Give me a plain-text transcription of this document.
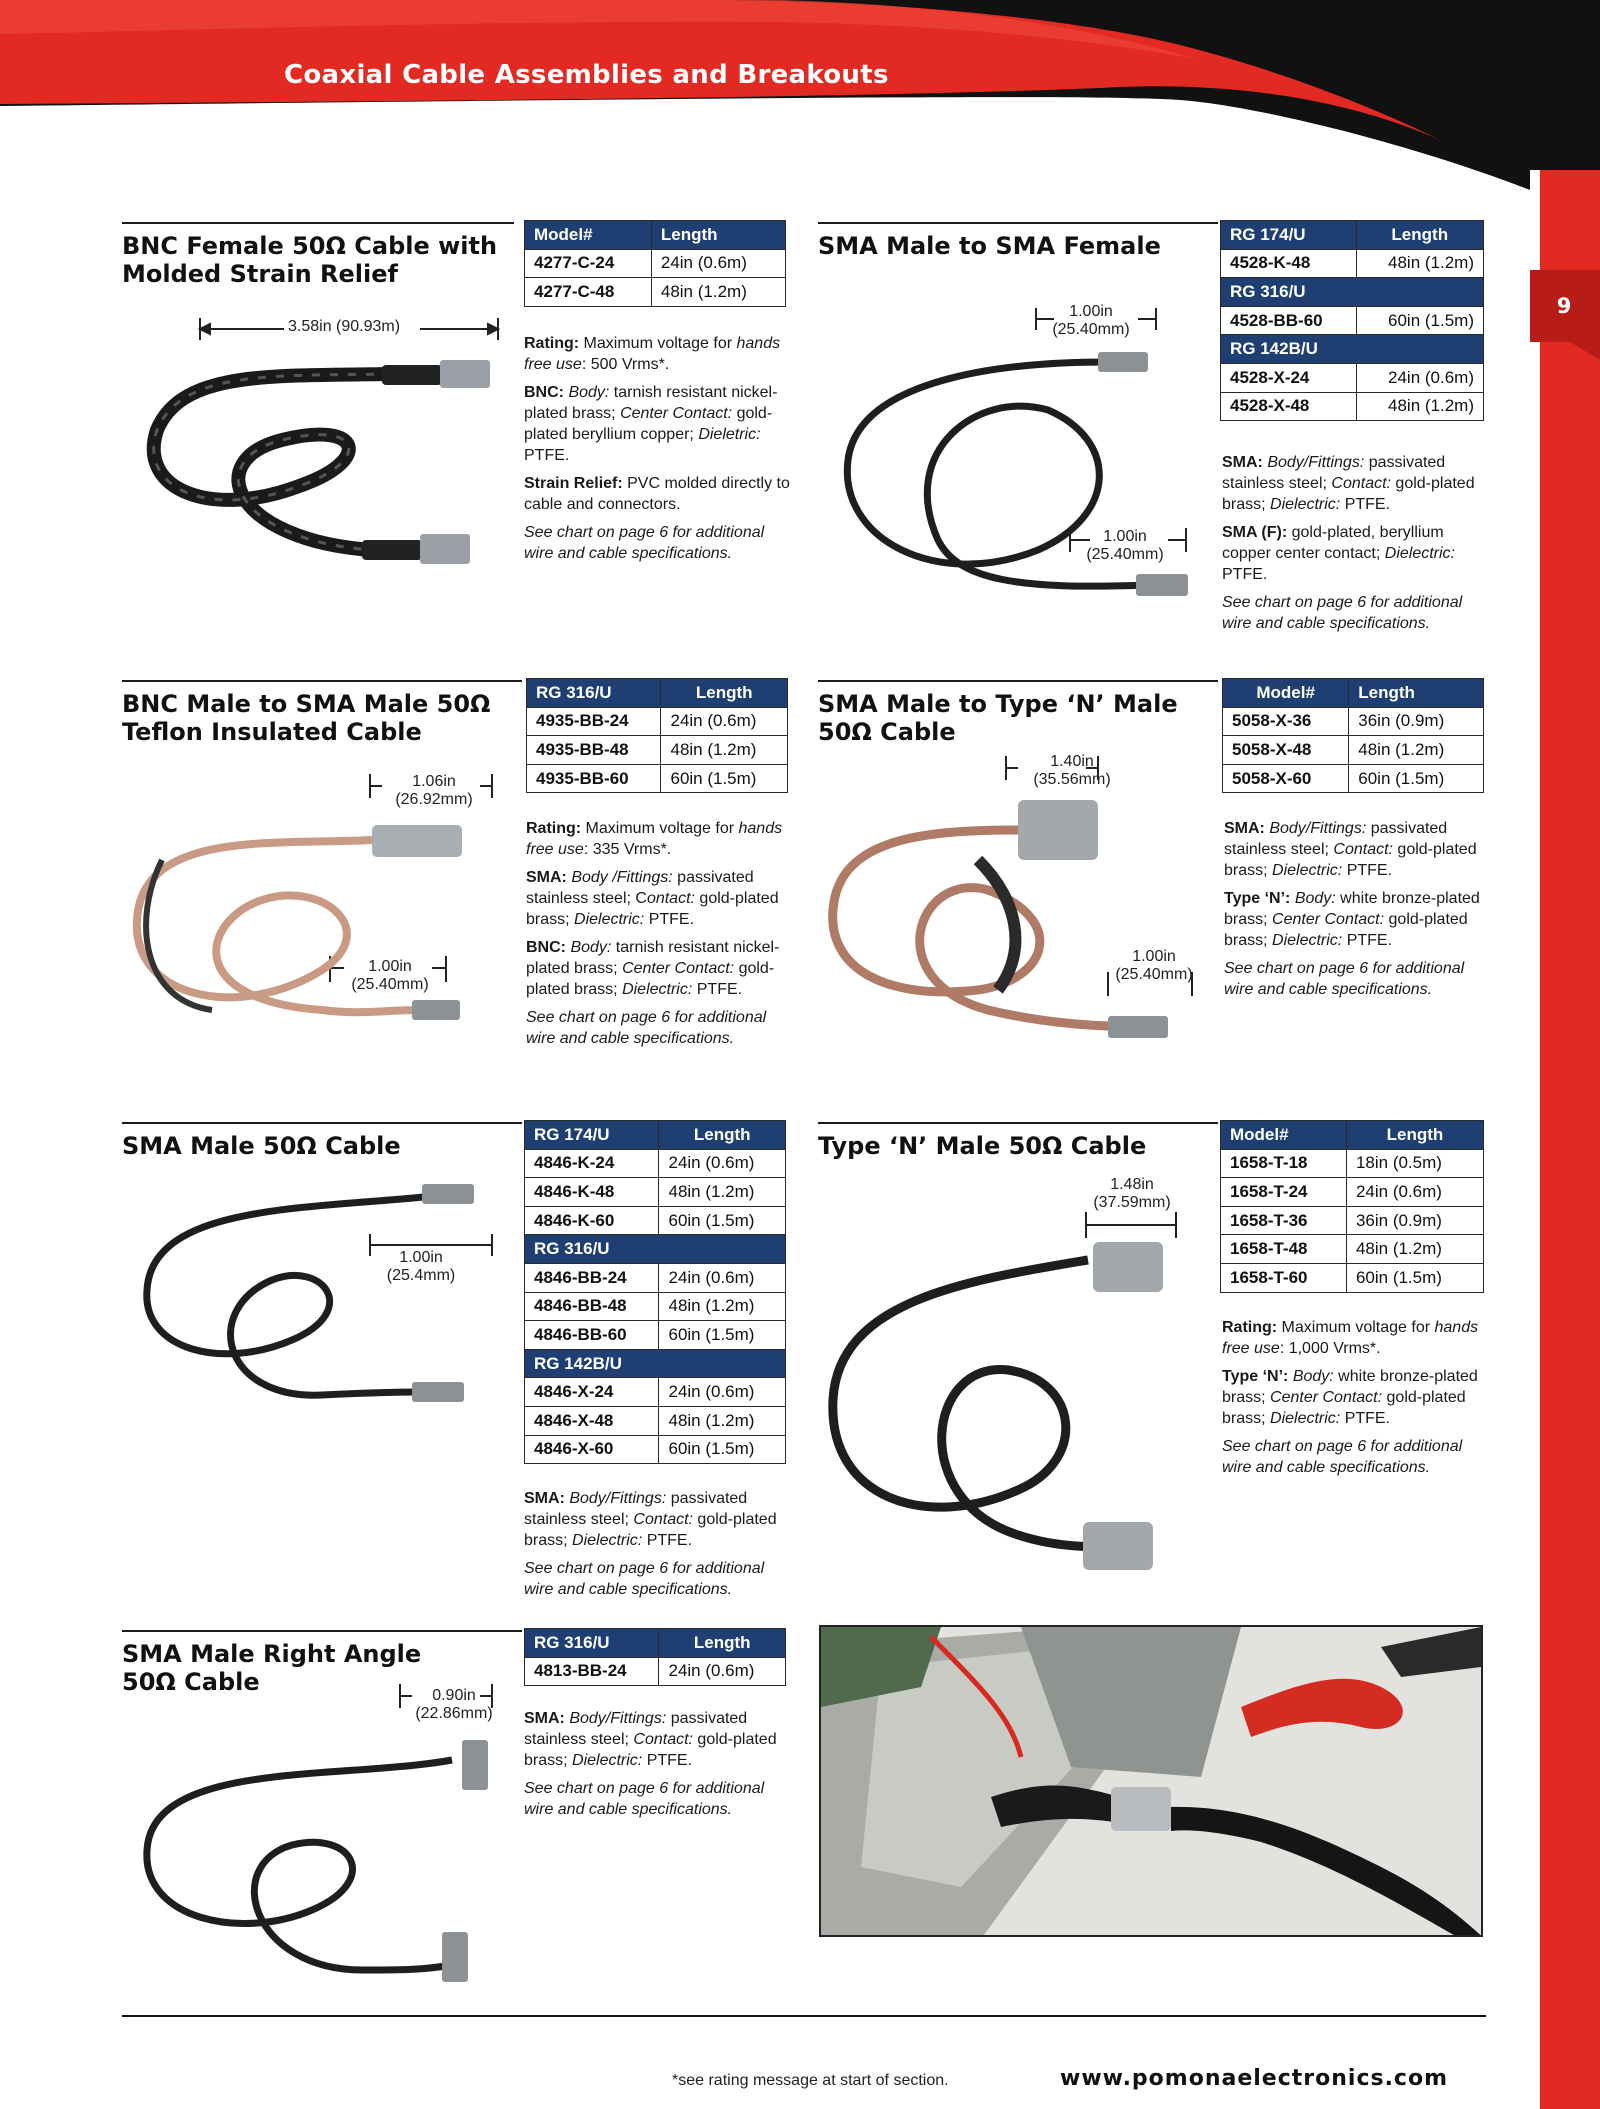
Coaxial Cable Assemblies and Breakouts
9
BNC Female 50Ω Cable with
Molded Strain Relief
3.58in (90.93m)
Model#	Length
4277-C-24	24in (0.6m)
4277-C-48	48in (1.2m)

Rating: Maximum voltage for hands free use: 500 Vrms*.

BNC: Body: tarnish resistant nickel-plated brass; Center Contact: gold-plated beryllium copper; Dieletric: PTFE.

Strain Relief: PVC molded directly to cable and connectors.

See chart on page 6 for additional wire and cable specifications.

SMA Male to SMA Female
1.00in
(25.40mm)
1.00in
(25.40mm)
RG 174/U	Length
4528-K-48	48in (1.2m)
RG 316/U	
4528-BB-60	60in (1.5m)
RG 142B/U	
4528-X-24	24in (0.6m)
4528-X-48	48in (1.2m)

SMA: Body/Fittings: passivated stainless steel; Contact: gold-plated brass; Dielectric: PTFE.

SMA (F): gold-plated, beryllium copper center contact; Dielectric: PTFE.

See chart on page 6 for additional wire and cable specifications.

BNC Male to SMA Male 50Ω
Teflon Insulated Cable
1.06in
(26.92mm)
1.00in
(25.40mm)
RG 316/U	Length
4935-BB-24	24in (0.6m)
4935-BB-48	48in (1.2m)
4935-BB-60	60in (1.5m)

Rating: Maximum voltage for hands free use: 335 Vrms*.

SMA: Body /Fittings: passivated stainless steel; Contact: gold-plated brass; Dielectric: PTFE.

BNC: Body: tarnish resistant nickel-plated brass; Center Contact: gold-plated brass; Dielectric: PTFE.

See chart on page 6 for additional wire and cable specifications.

SMA Male to Type ‘N’ Male
50Ω Cable
1.40in
(35.56mm)
1.00in
(25.40mm)
Model#	Length
5058-X-36	36in (0.9m)
5058-X-48	48in (1.2m)
5058-X-60	60in (1.5m)

SMA: Body/Fittings: passivated stainless steel; Contact: gold-plated brass; Dielectric: PTFE.

Type ‘N’: Body: white bronze-plated brass; Center Contact: gold-plated brass; Dielectric: PTFE.

See chart on page 6 for additional wire and cable specifications.

SMA Male 50Ω Cable
1.00in
(25.4mm)
RG 174/U	Length
4846-K-24	24in (0.6m)
4846-K-48	48in (1.2m)
4846-K-60	60in (1.5m)
RG 316/U	
4846-BB-24	24in (0.6m)
4846-BB-48	48in (1.2m)
4846-BB-60	60in (1.5m)
RG 142B/U	
4846-X-24	24in (0.6m)
4846-X-48	48in (1.2m)
4846-X-60	60in (1.5m)

SMA: Body/Fittings: passivated stainless steel; Contact: gold-plated brass; Dielectric: PTFE.

See chart on page 6 for additional wire and cable specifications.

Type ‘N’ Male 50Ω Cable
1.48in
(37.59mm)
Model#	Length
1658-T-18	18in (0.5m)
1658-T-24	24in (0.6m)
1658-T-36	36in (0.9m)
1658-T-48	48in (1.2m)
1658-T-60	60in (1.5m)

Rating: Maximum voltage for hands free use: 1,000 Vrms*.

Type ‘N’: Body: white bronze-plated brass; Center Contact: gold-plated brass; Dielectric: PTFE.

See chart on page 6 for additional wire and cable specifications.

SMA Male Right Angle
50Ω Cable	0.90in
(22.86mm)
RG 316/U	Length
4813-BB-24	24in (0.6m)

SMA: Body/Fittings: passivated stainless steel; Contact: gold-plated brass; Dielectric: PTFE.

See chart on page 6 for additional wire and cable specifications.

*see rating message at start of section.	www.pomonaelectronics.com
